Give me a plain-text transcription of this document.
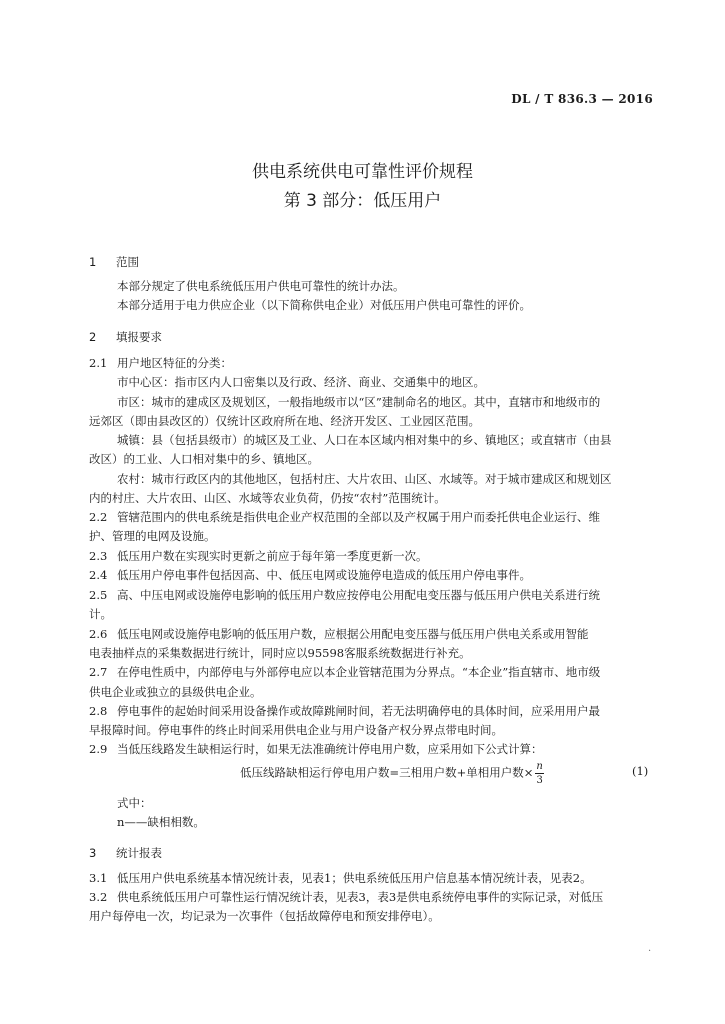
DL / T 836.3 — 2016
供电系统供电可靠性评价规程
第 3 部分：低压用户
1 范围
本部分规定了供电系统低压用户供电可靠性的统计办法。
本部分适用于电力供应企业（以下简称供电企业）对低压用户供电可靠性的评价。
2 填报要求
2.1 用户地区特征的分类：
市中心区：指市区内人口密集以及行政、经济、商业、交通集中的地区。
市区：城市的建成区及规划区，一般指地级市以“区”建制命名的地区。其中，直辖市和地级市的
远郊区（即由县改区的）仅统计区政府所在地、经济开发区、工业园区范围。
城镇：县（包括县级市）的城区及工业、人口在本区域内相对集中的乡、镇地区；或直辖市（由县
改区）的工业、人口相对集中的乡、镇地区。
农村：城市行政区内的其他地区，包括村庄、大片农田、山区、水域等。对于城市建成区和规划区
内的村庄、大片农田、山区、水域等农业负荷，仍按“农村”范围统计。
2.2 管辖范围内的供电系统是指供电企业产权范围的全部以及产权属于用户而委托供电企业运行、维
护、管理的电网及设施。
2.3 低压用户数在实现实时更新之前应于每年第一季度更新一次。
2.4 低压用户停电事件包括因高、中、低压电网或设施停电造成的低压用户停电事件。
2.5 高、中压电网或设施停电影响的低压用户数应按停电公用配电变压器与低压用户供电关系进行统
计。
2.6 低压电网或设施停电影响的低压用户数，应根据公用配电变压器与低压用户供电关系或用智能
电表抽样点的采集数据进行统计，同时应以95598客服系统数据进行补充。
2.7 在停电性质中，内部停电与外部停电应以本企业管辖范围为分界点。“本企业”指直辖市、地市级
供电企业或独立的县级供电企业。
2.8 停电事件的起始时间采用设备操作或故障跳闸时间，若无法明确停电的具体时间，应采用用户最
早报障时间。停电事件的终止时间采用供电企业与用户设备产权分界点带电时间。
2.9 当低压线路发生缺相运行时，如果无法准确统计停电用户数，应采用如下公式计算：
低压线路缺相运行停电用户数=三相用户数+单相用户数× $\frac{n}{3}$	(1)
式中：
n——缺相相数。
3 统计报表
3.1 低压用户供电系统基本情况统计表，见表1；供电系统低压用户信息基本情况统计表，见表2。
3.2 供电系统低压用户可靠性运行情况统计表，见表3，表3是供电系统停电事件的实际记录，对低压
用户每停电一次，均记录为一次事件（包括故障停电和预安排停电）。
·
